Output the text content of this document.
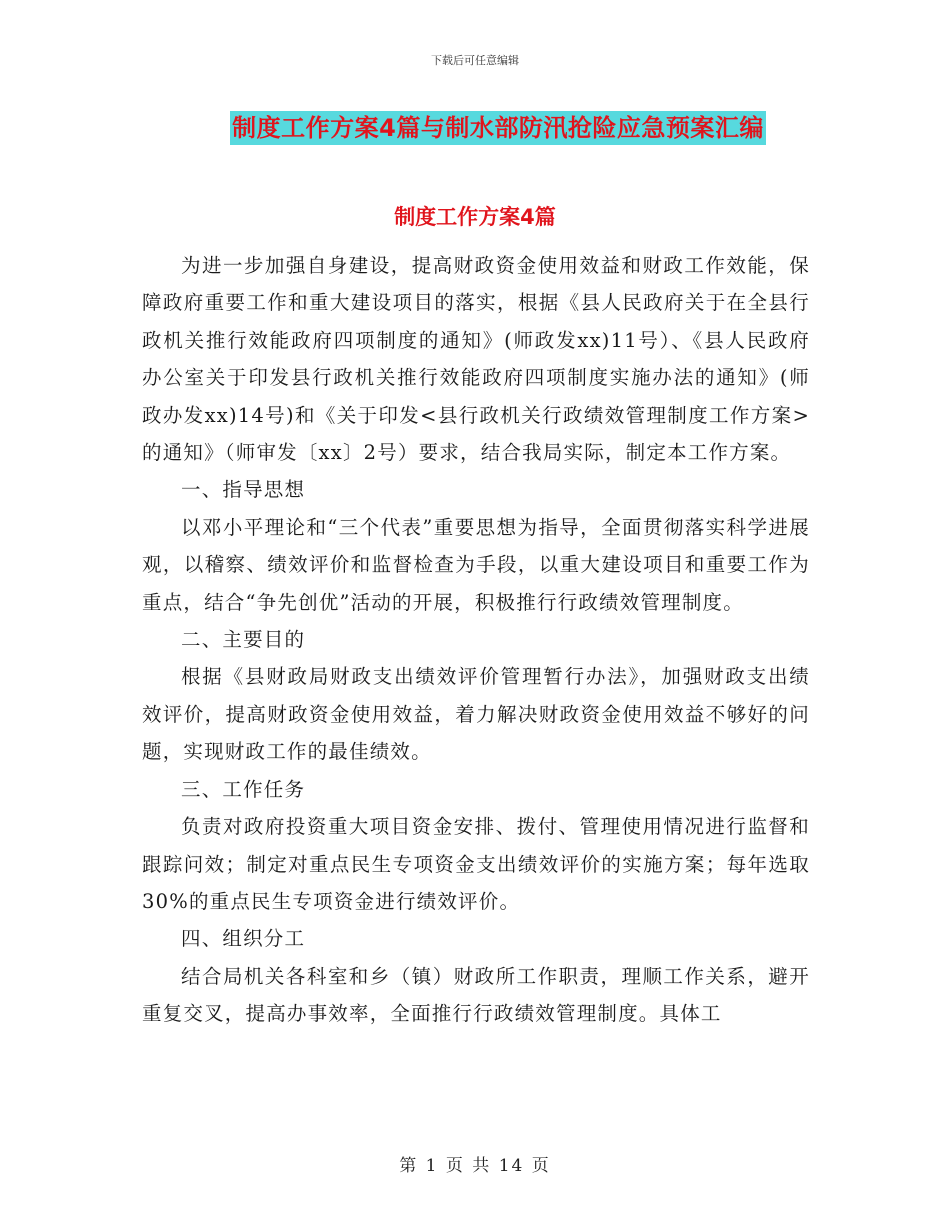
下载后可任意编辑
制度工作方案4篇与制水部防汛抢险应急预案汇编
制度工作方案4篇

为进一步加强自身建设，提高财政资金使用效益和财政工作效能，保障政府重要工作和重大建设项目的落实，根据《县人民政府关于在全县行政机关推行效能政府四项制度的通知》(师政发xx)11号）、《县人民政府办公室关于印发县行政机关推行效能政府四项制度实施办法的通知》(师政办发xx)14号)和《关于印发<县行政机关行政绩效管理制度工作方案>的通知》（师审发〔xx〕2号）要求，结合我局实际，制定本工作方案。

一、指导思想

以邓小平理论和“三个代表”重要思想为指导，全面贯彻落实科学进展观，以稽察、绩效评价和监督检查为手段，以重大建设项目和重要工作为重点，结合“争先创优”活动的开展，积极推行行政绩效管理制度。

二、主要目的

根据《县财政局财政支出绩效评价管理暂行办法》，加强财政支出绩效评价，提高财政资金使用效益，着力解决财政资金使用效益不够好的问题，实现财政工作的最佳绩效。

三、工作任务

负责对政府投资重大项目资金安排、拨付、管理使用情况进行监督和跟踪问效；制定对重点民生专项资金支出绩效评价的实施方案；每年选取30%的重点民生专项资金进行绩效评价。

四、组织分工

结合局机关各科室和乡（镇）财政所工作职责，理顺工作关系，避开重复交叉，提高办事效率，全面推行行政绩效管理制度。具体工

第 1 页 共 14 页
